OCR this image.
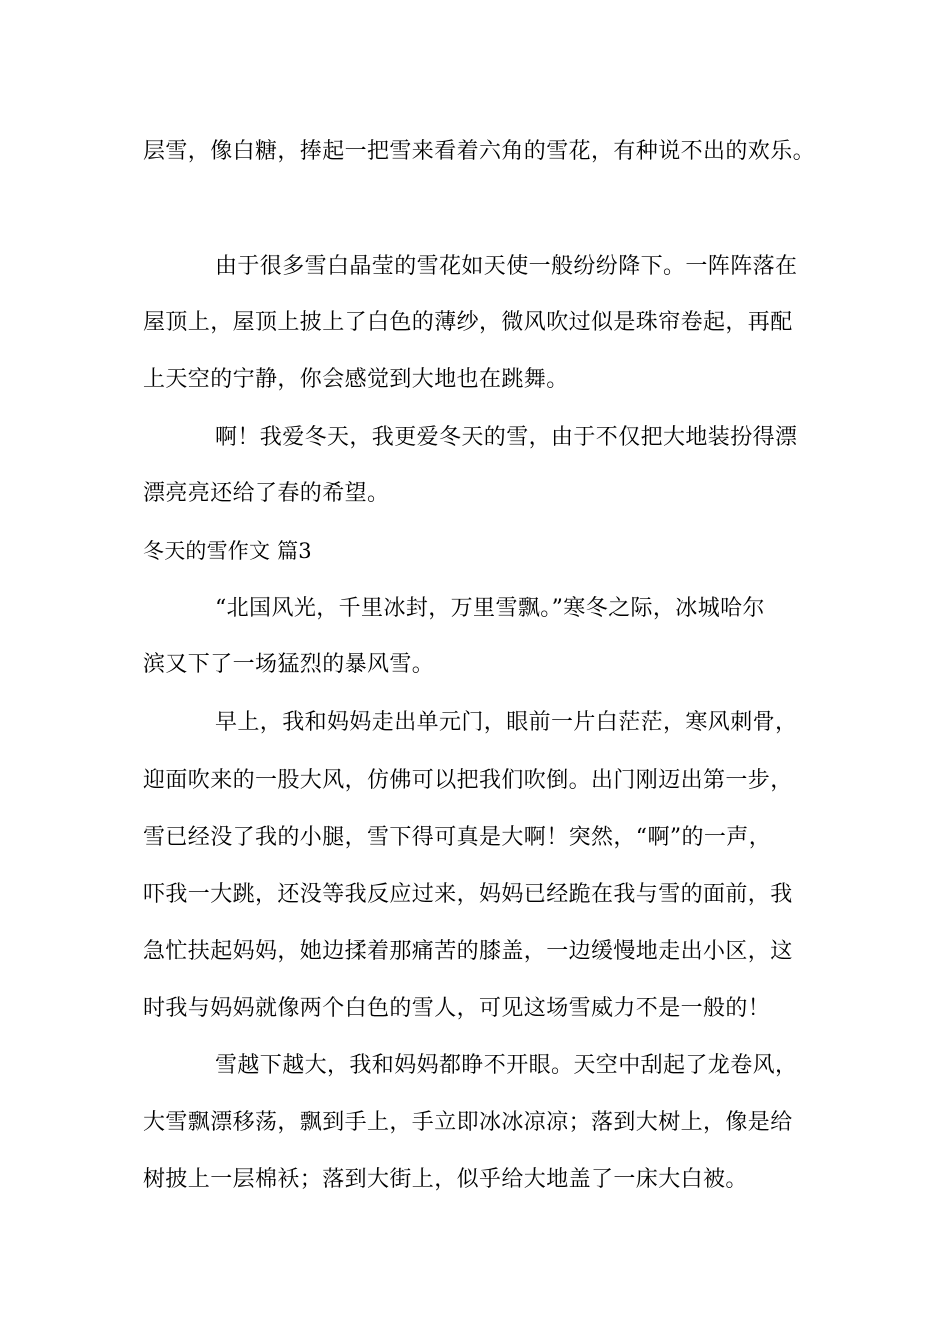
层雪，像白糖，捧起一把雪来看着六角的雪花，有种说不出的欢乐。
由于很多雪白晶莹的雪花如天使一般纷纷降下。一阵阵落在
屋顶上，屋顶上披上了白色的薄纱，微风吹过似是珠帘卷起，再配
上天空的宁静，你会感觉到大地也在跳舞。
啊！我爱冬天，我更爱冬天的雪，由于不仅把大地装扮得漂
漂亮亮还给了春的希望。
冬天的雪作文 篇3
“北国风光，千里冰封，万里雪飘。”寒冬之际，冰城哈尔
滨又下了一场猛烈的暴风雪。
早上，我和妈妈走出单元门，眼前一片白茫茫，寒风刺骨，
迎面吹来的一股大风，仿佛可以把我们吹倒。出门刚迈出第一步，
雪已经没了我的小腿，雪下得可真是大啊！突然，“啊”的一声，
吓我一大跳，还没等我反应过来，妈妈已经跪在我与雪的面前，我
急忙扶起妈妈，她边揉着那痛苦的膝盖，一边缓慢地走出小区，这
时我与妈妈就像两个白色的雪人，可见这场雪威力不是一般的！
雪越下越大，我和妈妈都睁不开眼。天空中刮起了龙卷风，
大雪飘漂移荡，飘到手上，手立即冰冰凉凉；落到大树上，像是给
树披上一层棉袄；落到大街上，似乎给大地盖了一床大白被。
